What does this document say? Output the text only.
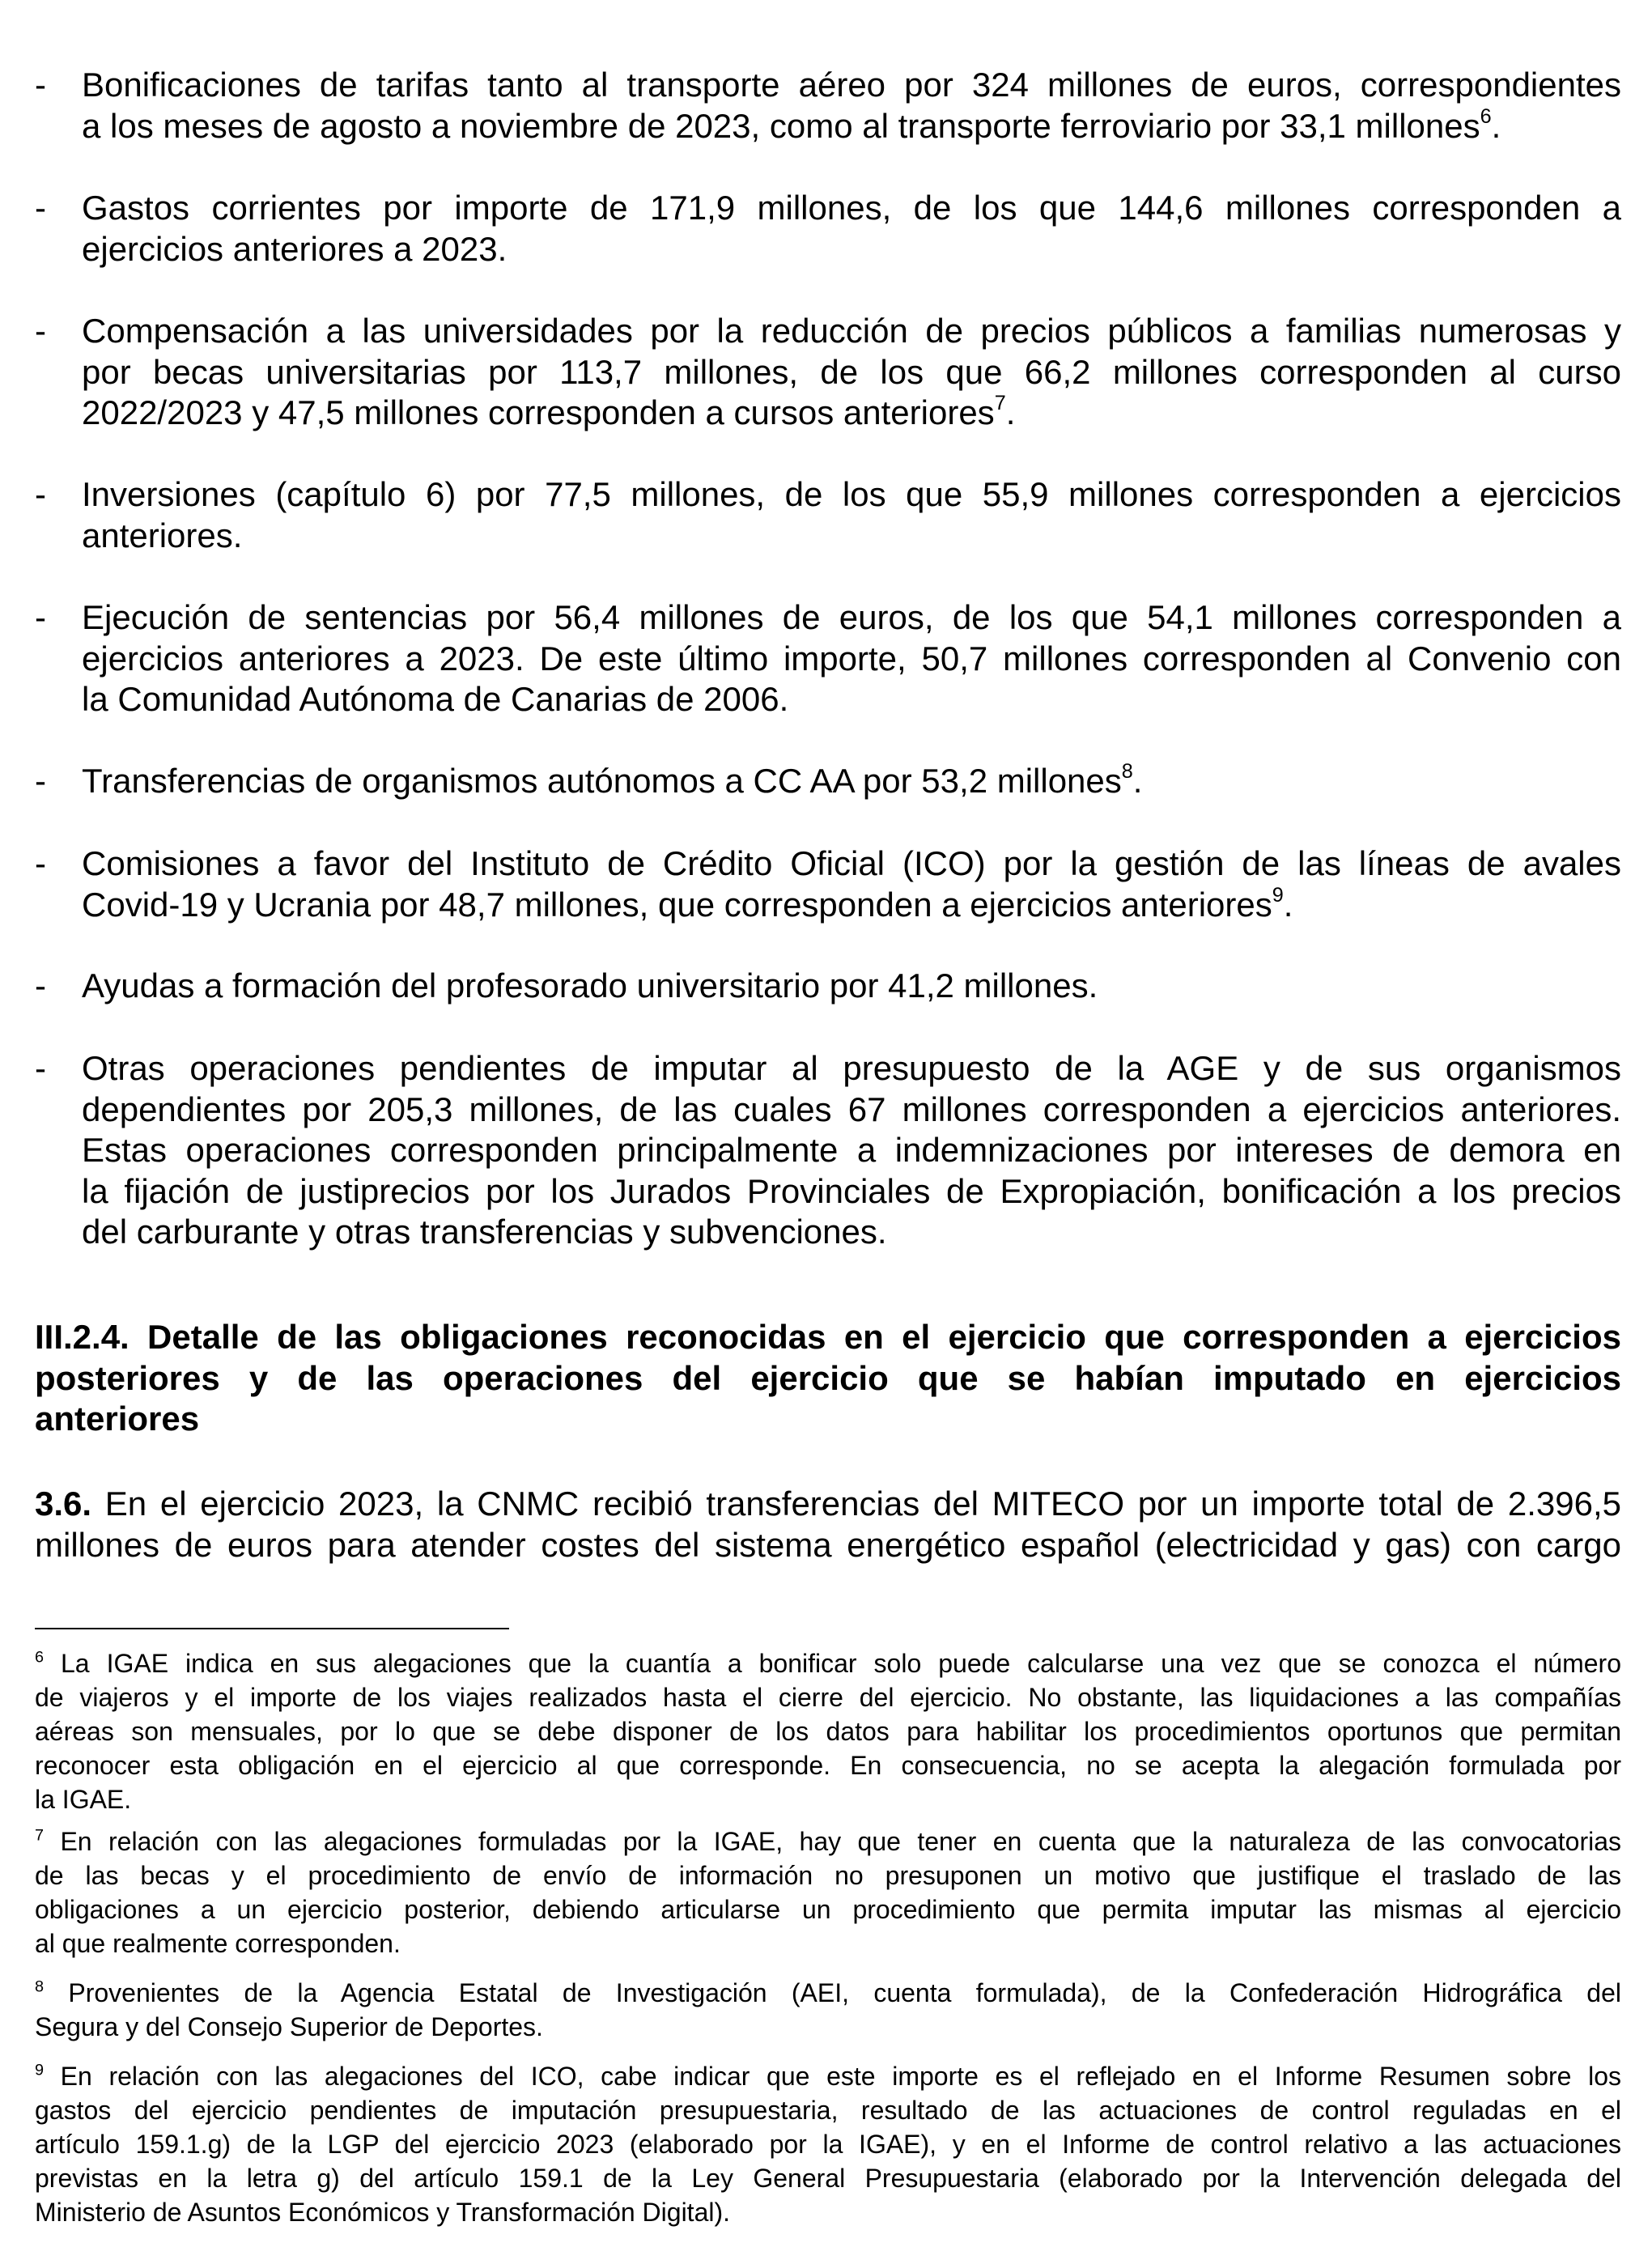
- Bonificaciones de tarifas tanto al transporte aéreo por 324 millones de euros, correspondientes
a los meses de agosto a noviembre de 2023, como al transporte ferroviario por 33,1 millones$^6$.
- Gastos corrientes por importe de 171,9 millones, de los que 144,6 millones corresponden a
ejercicios anteriores a 2023.
- Compensación a las universidades por la reducción de precios públicos a familias numerosas y
por becas universitarias por 113,7 millones, de los que 66,2 millones corresponden al curso
2022/2023 y 47,5 millones corresponden a cursos anteriores$^7$.
- Inversiones (capítulo 6) por 77,5 millones, de los que 55,9 millones corresponden a ejercicios
anteriores.
- Ejecución de sentencias por 56,4 millones de euros, de los que 54,1 millones corresponden a
ejercicios anteriores a 2023. De este último importe, 50,7 millones corresponden al Convenio con
la Comunidad Autónoma de Canarias de 2006.
- Transferencias de organismos autónomos a CC AA por 53,2 millones$^8$.
- Comisiones a favor del Instituto de Crédito Oficial (ICO) por la gestión de las líneas de avales
Covid-19 y Ucrania por 48,7 millones, que corresponden a ejercicios anteriores$^9$.
- Ayudas a formación del profesorado universitario por 41,2 millones.
- Otras operaciones pendientes de imputar al presupuesto de la AGE y de sus organismos
dependientes por 205,3 millones, de las cuales 67 millones corresponden a ejercicios anteriores.
Estas operaciones corresponden principalmente a indemnizaciones por intereses de demora en
la fijación de justiprecios por los Jurados Provinciales de Expropiación, bonificación a los precios
del carburante y otras transferencias y subvenciones.
III.2.4. Detalle de las obligaciones reconocidas en el ejercicio que corresponden a ejercicios
posteriores y de las operaciones del ejercicio que se habían imputado en ejercicios
anteriores
3.6. En el ejercicio 2023, la CNMC recibió transferencias del MITECO por un importe total de 2.396,5
millones de euros para atender costes del sistema energético español (electricidad y gas) con cargo
$^6$ La IGAE indica en sus alegaciones que la cuantía a bonificar solo puede calcularse una vez que se conozca el número
de viajeros y el importe de los viajes realizados hasta el cierre del ejercicio. No obstante, las liquidaciones a las compañías
aéreas son mensuales, por lo que se debe disponer de los datos para habilitar los procedimientos oportunos que permitan
reconocer esta obligación en el ejercicio al que corresponde. En consecuencia, no se acepta la alegación formulada por
la IGAE.
$^7$ En relación con las alegaciones formuladas por la IGAE, hay que tener en cuenta que la naturaleza de las convocatorias
de las becas y el procedimiento de envío de información no presuponen un motivo que justifique el traslado de las
obligaciones a un ejercicio posterior, debiendo articularse un procedimiento que permita imputar las mismas al ejercicio
al que realmente corresponden.
$^8$ Provenientes de la Agencia Estatal de Investigación (AEI, cuenta formulada), de la Confederación Hidrográfica del
Segura y del Consejo Superior de Deportes.
$^9$ En relación con las alegaciones del ICO, cabe indicar que este importe es el reflejado en el Informe Resumen sobre los
gastos del ejercicio pendientes de imputación presupuestaria, resultado de las actuaciones de control reguladas en el
artículo 159.1.g) de la LGP del ejercicio 2023 (elaborado por la IGAE), y en el Informe de control relativo a las actuaciones
previstas en la letra g) del artículo 159.1 de la Ley General Presupuestaria (elaborado por la Intervención delegada del
Ministerio de Asuntos Económicos y Transformación Digital).
